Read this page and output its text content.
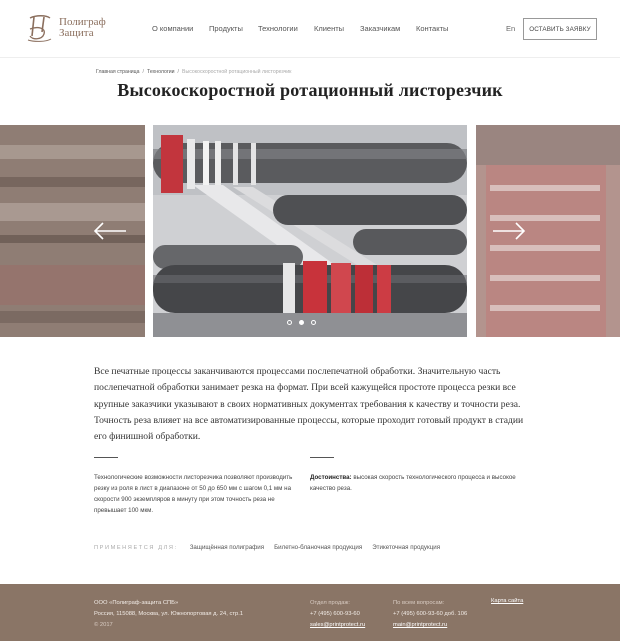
Полиграф
Защита	О компании	Продукты	Технологии	Клиенты	Заказчикам	Контакты	En	ОСТАВИТЬ ЗАЯВКУ
Главная страница / Технологии / Высокоскоростной ротационный листорезчик
Высокоскоростной ротационный листорезчик

Все печатные процессы заканчиваются процессами послепечатной обработки. Значительную часть послепечатной обработки занимает резка на формат. При всей кажущейся простоте процесса резки все крупные заказчики указывают в своих нормативных документах требования к качеству и точности реза. Точность реза влияет на все автоматизированные процессы, которые проходит готовый продукт в стадии его финишной обработки.

Технологические возможности листорезчика позволяют производить резку из роля в лист в диапазоне от 50 до 650 мм с шагом 0,1 мм на скорости 900 экземпляров в минуту при этом точность реза не превышает 100 мкм.

Достоинства: высокая скорость технологического процесса и высокое качество реза.

ПРИМЕНЯЕТСЯ ДЛЯ: Защищённая полиграфия Билетно-бланочная продукция Этикеточная продукция
ООО «Полиграф-защита СПБ»
Россия, 115088, Москва, ул. Южнопортовая д. 24, стр.1
© 2017
Отдел продаж:
+7 (495) 600-93-60
sales@printprotect.ru
По всем вопросам:
+7 (495) 600-93-60 доб. 106
main@printprotect.ru
Карта сайта
